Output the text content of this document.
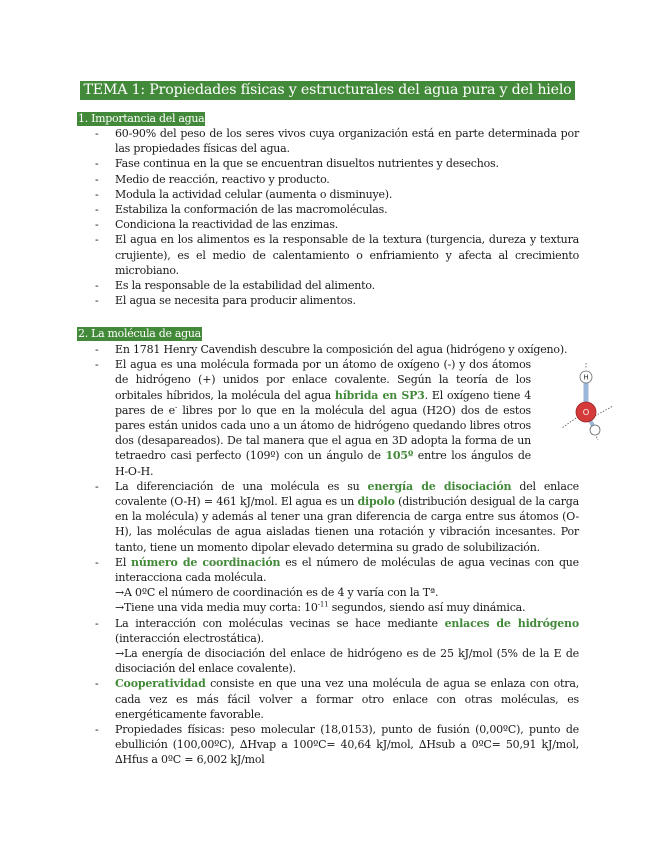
TEMA 1: Propiedades físicas y estructurales del agua pura y del hielo
1. Importancia del agua
- 60-90% del peso de los seres vivos cuya organización está en parte determinada por las propiedades físicas del agua.
- Fase continua en la que se encuentran disueltos nutrientes y desechos.
- Medio de reacción, reactivo y producto.
- Modula la actividad celular (aumenta o disminuye).
- Estabiliza la conformación de las macromoléculas.
- Condiciona la reactividad de las enzimas.
- El agua en los alimentos es la responsable de la textura (turgencia, dureza y textura crujiente), es el medio de calentamiento o enfriamiento y afecta al crecimiento microbiano.
- Es la responsable de la estabilidad del alimento.
- El agua se necesita para producir alimentos.
2. La molécula de agua
- En 1781 Henry Cavendish descubre la composición del agua (hidrógeno y oxígeno).
- El agua es una molécula formada por un átomo de oxígeno (-) y dos átomos de hidrógeno (+) unidos por enlace covalente. Según la teoría de los orbitales híbridos, la molécula del agua híbrida en SP3. El oxígeno tiene 4 pares de e- libres por lo que en la molécula del agua (H2O) dos de estos pares están unidos cada uno a un átomo de hidrógeno quedando libres otros dos (desapareados). De tal manera que el agua en 3D adopta la forma de un tetraedro casi perfecto (109º) con un ángulo de 105º entre los ángulos de H-O-H.
- La diferenciación de una molécula es su energía de disociación del enlace covalente (O-H) = 461 kJ/mol. El agua es un dipolo (distribución desigual de la carga en la molécula) y además al tener una gran diferencia de carga entre sus átomos (O-H), las moléculas de agua aisladas tienen una rotación y vibración incesantes. Por tanto, tiene un momento dipolar elevado determina su grado de solubilización.
- El número de coordinación es el número de moléculas de agua vecinas con que interacciona cada molécula.
→A 0ºC el número de coordinación es de 4 y varía con la Tª.
→Tiene una vida media muy corta: $10^{-11}$ segundos, siendo así muy dinámica.
- La interacción con moléculas vecinas se hace mediante enlaces de hidrógeno (interacción electrostática).
→La energía de disociación del enlace de hidrógeno es de 25 kJ/mol (5% de la E de disociación del enlace covalente).
- Cooperatividad consiste en que una vez una molécula de agua se enlaza con otra, cada vez es más fácil volver a formar otro enlace con otras moléculas, es energéticamente favorable.
- Propiedades físicas: peso molecular (18,0153), punto de fusión (0,00ºC), punto de ebullición (100,00ºC), ∆Hvap a 100ºC= 40,64 kJ/mol, ∆Hsub a 0ºC= 50,91 kJ/mol, ∆Hfus a 0ºC = 6,002 kJ/mol
H
O
